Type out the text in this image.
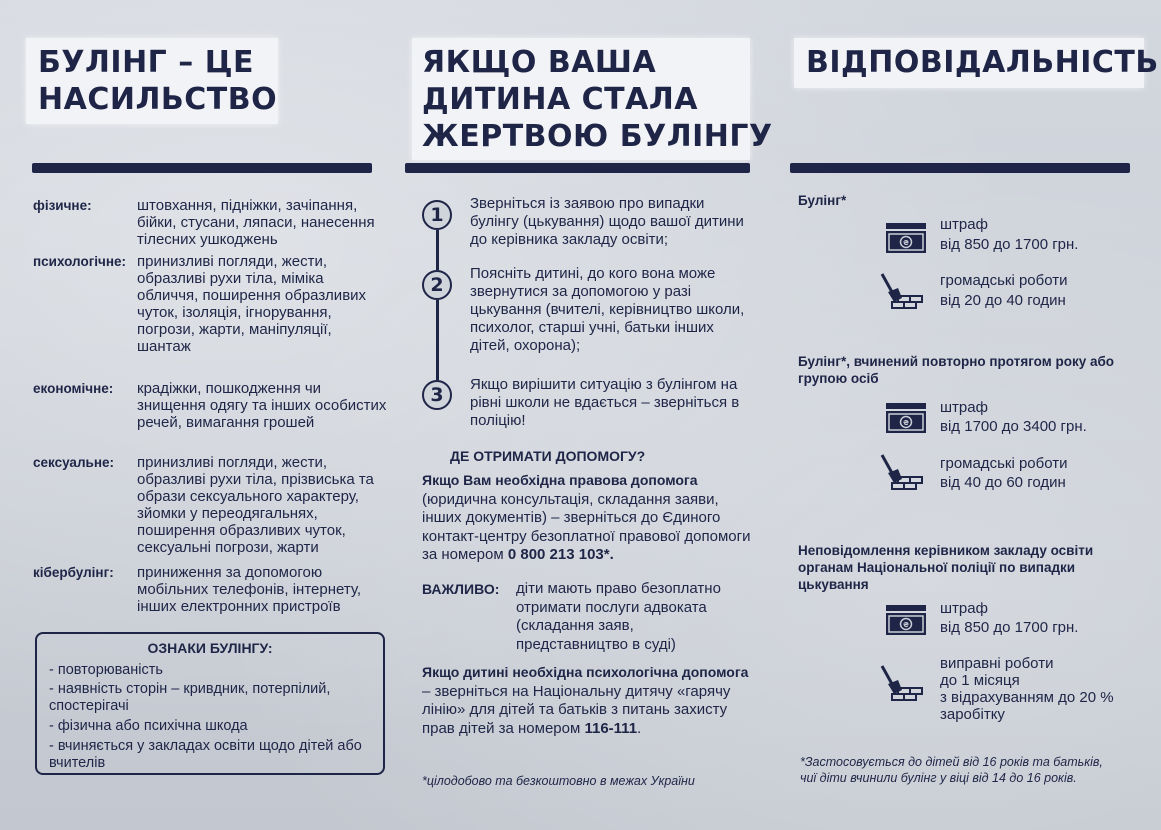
БУЛІНГ – ЦЕ
НАСИЛЬСТВО
фізичне:	штовхання, підніжки, зачіпання, бійки, стусани, ляпаси, нанесення тілесних ушкоджень
психологічне: принизливі погляди, жести, образливі рухи тіла, міміка обличчя, поширення образливих чуток, ізоляція, ігнорування, погрози, жарти, маніпуляції, шантаж
економічне: крадіжки, пошкодження чи знищення одягу та інших особистих речей, вимагання грошей
сексуальне: принизливі погляди, жести, образливі рухи тіла, прізвиська та образи сексуального характеру, зйомки у переодягальнях, поширення образливих чуток, сексуальні погрози, жарти
кібербулінг: приниження за допомогою мобільних телефонів, інтернету, інших електронних пристроїв
ОЗНАКИ БУЛІНГУ:
- повторюваність
- наявність сторін – кривдник, потерпілий, спостерігачі
- фізична або психічна шкода
- вчиняється у закладах освіти щодо дітей або вчителів
ЯКЩО ВАША
ДИТИНА СТАЛА
ЖЕРТВОЮ БУЛІНГУ
1
Зверніться із заявою про випадки булінгу (цькування) щодо вашої дитини до керівника закладу освіти;
2
Поясніть дитині, до кого вона може звернутися за допомогою у разі цькування (вчителі, керівництво школи, психолог, старші учні, батьки інших дітей, охорона);
3	Якщо вирішити ситуацію з булінгом на рівні школи не вдається – зверніться в поліцію!
ДЕ ОТРИМАТИ ДОПОМОГУ?
Якщо Вам необхідна правова допомога
(юридична консультація, складання заяви, інших документів) – зверніться до Єдиного контакт-центру безоплатної правової допомоги за номером 0 800 213 103*.
ВАЖЛИВО:	діти мають право безоплатно отримати послуги адвоката (складання заяв, представництво в суді)
Якщо дитині необхідна психологічна допомога – зверніться на Національну дитячу «гарячу лінію» для дітей та батьків з питань захисту прав дітей за номером 116-111.
*цілодобово та безкоштовно в межах України
ВІДПОВІДАЛЬНІСТЬ
Булінг*
₴
штраф
від 850 до 1700 грн.
громадські роботи
від 20 до 40 годин
Булінг*, вчинений повторно протягом року або групою осіб
₴
штраф
від 1700 до 3400 грн.
громадські роботи
від 40 до 60 годин
Неповідомлення керівником закладу освіти органам Національної поліції по випадки цькування
₴
штраф
від 850 до 1700 грн.
виправні роботи
до 1 місяця
з відрахуванням до 20 %
заробітку
*Застосовується до дітей від 16 років та батьків,
чиї діти вчинили булінг у віці від 14 до 16 років.
